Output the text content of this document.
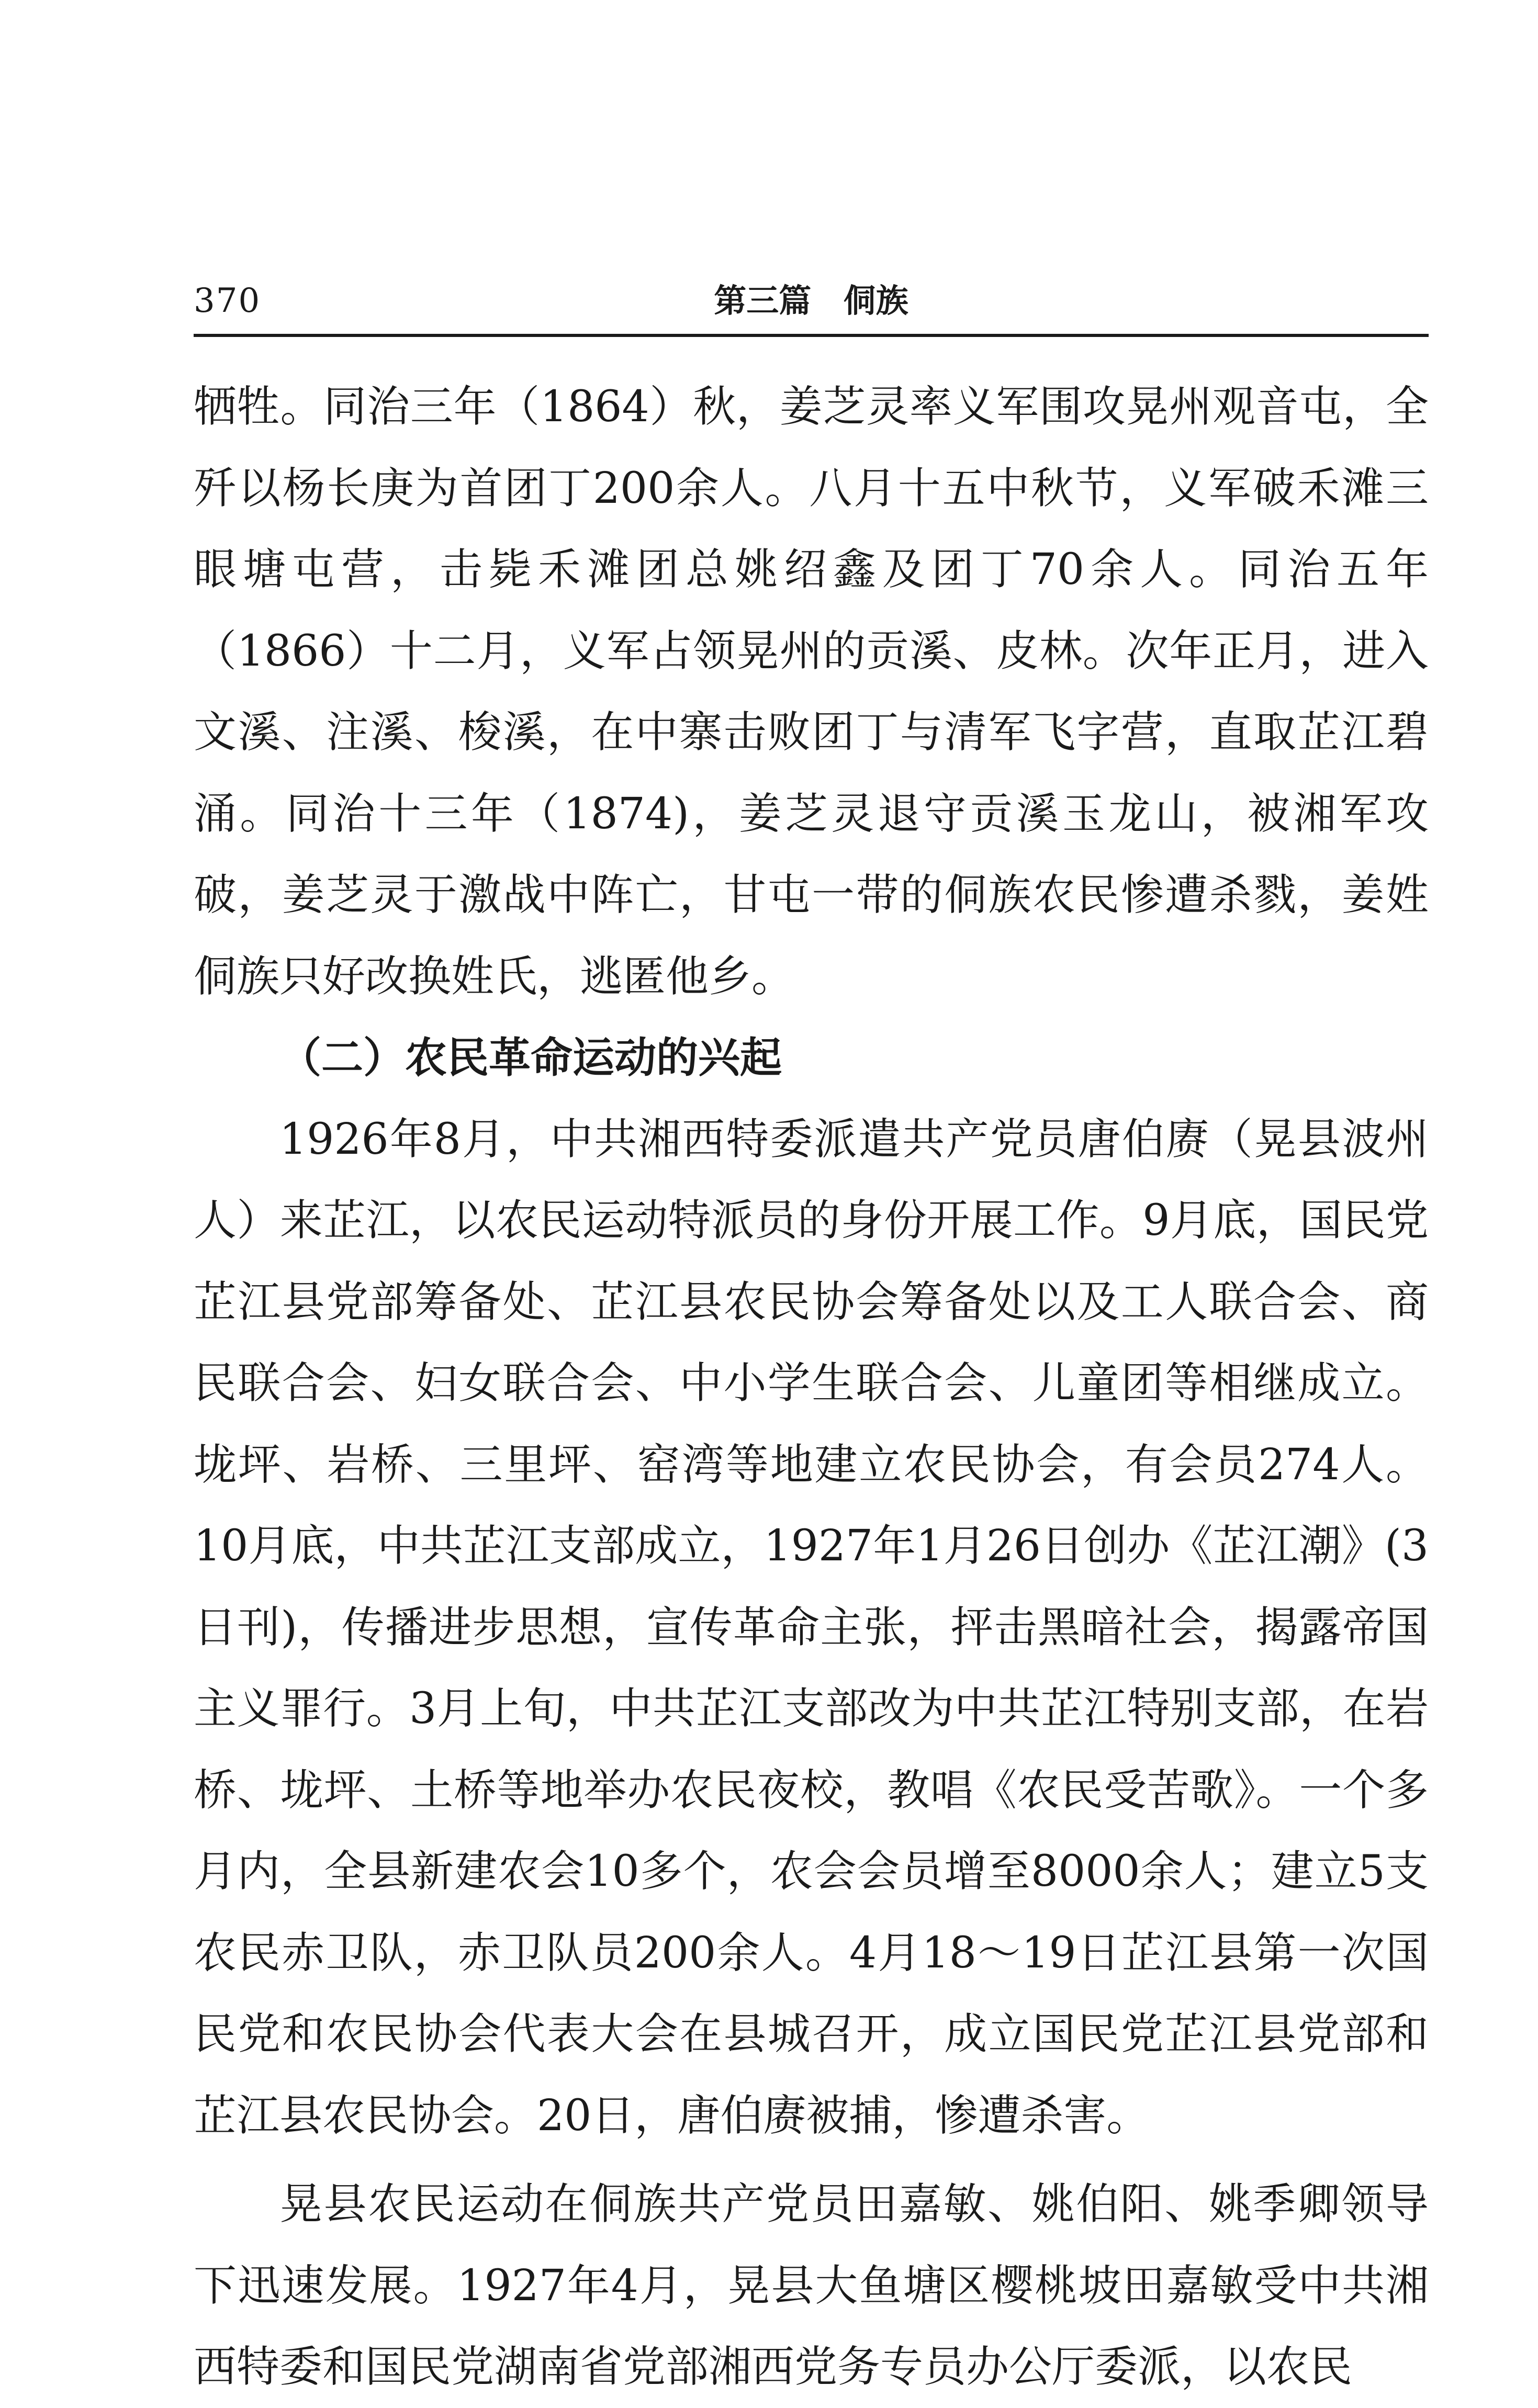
370	第三篇 侗族

牺牲。同治三年（1864）秋，姜芝灵率义军围攻晃州观音屯，全歼以杨长庚为首团丁200余人。八月十五中秋节，义军破禾滩三眼塘屯营，击毙禾滩团总姚绍鑫及团丁70余人。同治五年（1866）十二月，义军占领晃州的贡溪、皮林。次年正月，进入文溪、注溪、梭溪，在中寨击败团丁与清军飞字营，直取芷江碧涌。同治十三年（1874)，姜芝灵退守贡溪玉龙山，被湘军攻破，姜芝灵于激战中阵亡，甘屯一带的侗族农民惨遭杀戮，姜姓侗族只好改换姓氏，逃匿他乡。

（二）农民革命运动的兴起

1926年8月，中共湘西特委派遣共产党员唐伯赓（晃县波州人）来芷江，以农民运动特派员的身份开展工作。9月底，国民党芷江县党部筹备处、芷江县农民协会筹备处以及工人联合会、商民联合会、妇女联合会、中小学生联合会、儿童团等相继成立。垅坪、岩桥、三里坪、窑湾等地建立农民协会，有会员274人。10月底，中共芷江支部成立，1927年1月26日创办《芷江潮》(3日刊)，传播进步思想，宣传革命主张，抨击黑暗社会，揭露帝国主义罪行。3月上旬，中共芷江支部改为中共芷江特别支部，在岩桥、垅坪、土桥等地举办农民夜校，教唱《农民受苦歌》。一个多月内，全县新建农会10多个，农会会员增至8000余人；建立5支农民赤卫队，赤卫队员200余人。4月18～19日芷江县第一次国民党和农民协会代表大会在县城召开，成立国民党芷江县党部和芷江县农民协会。20日，唐伯赓被捕，惨遭杀害。

晃县农民运动在侗族共产党员田嘉敏、姚伯阳、姚季卿领导下迅速发展。1927年4月，晃县大鱼塘区樱桃坡田嘉敏受中共湘西特委和国民党湖南省党部湘西党务专员办公厅委派，以农民
